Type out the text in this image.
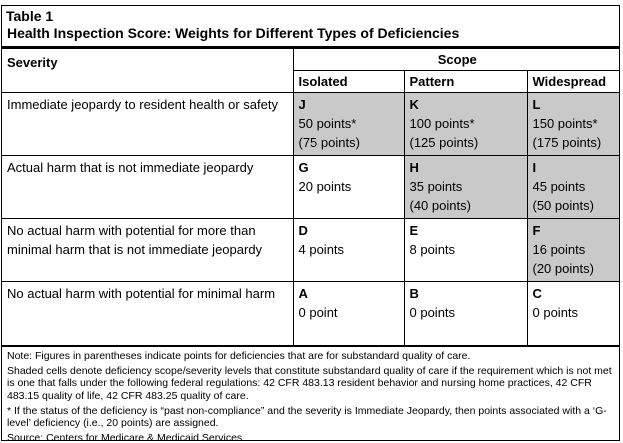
Table 1
Health Inspection Score: Weights for Different Types of Deficiencies
Severity	Scope		
	Isolated	Pattern	Widespread
Immediate jeopardy to resident health or safety	J
50 points*
(75 points)	K
100 points*
(125 points)	L
150 points*
(175 points)

Actual harm that is not immediate jeopardy	G
20 points	H
35 points
(40 points)	I
45 points
(50 points)

No actual harm with potential for more than minimal harm that is not immediate jeopardy	D
4 points	E
8 points	F
16 points
(20 points)

No actual harm with potential for minimal harm	A
0 point	B
0 points	C
0 points

Note: Figures in parentheses indicate points for deficiencies that are for substandard quality of care.

Shaded cells denote deficiency scope/severity levels that constitute substandard quality of care if the requirement which is not met is one that falls under the following federal regulations: 42 CFR 483.13 resident behavior and nursing home practices, 42 CFR 483.15 quality of life, 42 CFR 483.25 quality of care.

* If the status of the deficiency is “past non-compliance” and the severity is Immediate Jeopardy, then points associated with a ‘G-level’ deficiency (i.e., 20 points) are assigned.

Source: Centers for Medicare & Medicaid Services
